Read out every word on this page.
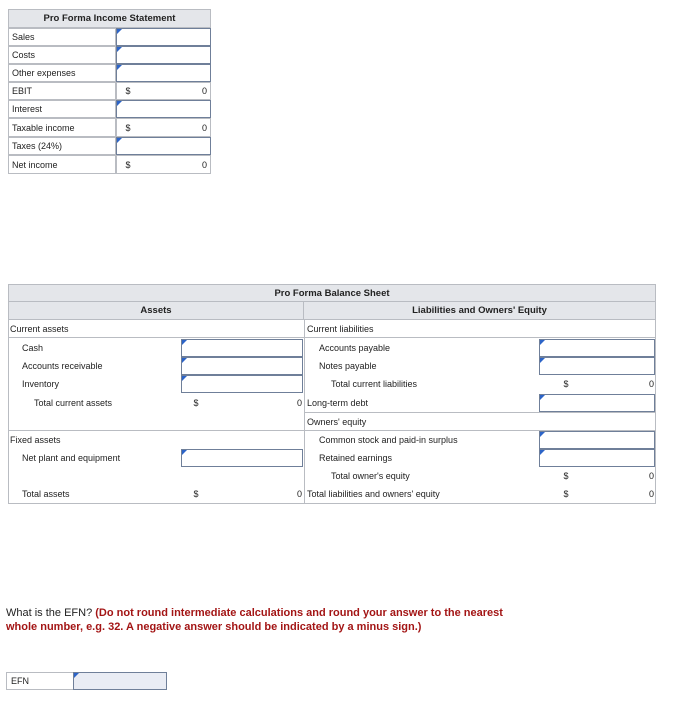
Pro Forma Income Statement
Sales
Costs
Other expenses
EBIT	$	0
Interest
Taxable income	$	0
Taxes (24%)
Net income	$	0
Pro Forma Balance Sheet
Assets	Liabilities and Owners' Equity
Current assets
Cash
Accounts receivable
Inventory
Total current assets	$	0
Fixed assets
Net plant and equipment
Total assets	$	0
Current liabilities
Accounts payable
Notes payable
Total current liabilities	$	0
Long-term debt
Owners' equity
Common stock and paid-in surplus
Retained earnings
Total owner's equity	$	0
Total liabilities and owners' equity	$	0
What is the EFN? (Do not round intermediate calculations and round your answer to the nearest whole number, e.g. 32. A negative answer should be indicated by a minus sign.)
EFN
